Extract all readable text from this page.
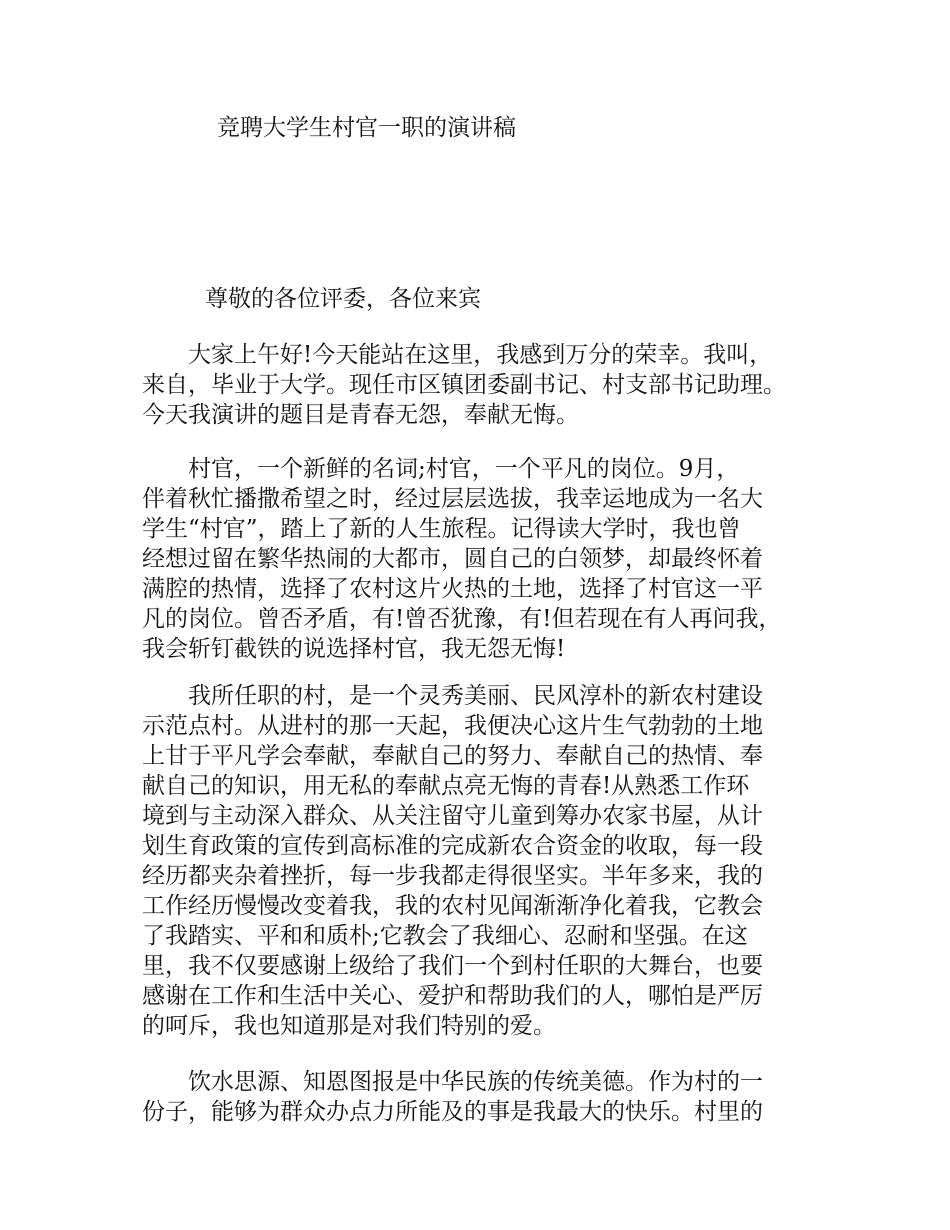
竞聘大学生村官一职的演讲稿
尊敬的各位评委，各位来宾
　　大家上午好!今天能站在这里，我感到万分的荣幸。我叫，
来自，毕业于大学。现任市区镇团委副书记、村支部书记助理。
今天我演讲的题目是青春无怨，奉献无悔。
　　村官，一个新鲜的名词;村官，一个平凡的岗位。9月，
伴着秋忙播撒希望之时，经过层层选拔，我幸运地成为一名大
学生“村官”，踏上了新的人生旅程。记得读大学时，我也曾
经想过留在繁华热闹的大都市，圆自己的白领梦，却最终怀着
满腔的热情，选择了农村这片火热的土地，选择了村官这一平
凡的岗位。曾否矛盾，有!曾否犹豫，有!但若现在有人再问我，
我会斩钉截铁的说选择村官，我无怨无悔!
　　我所任职的村，是一个灵秀美丽、民风淳朴的新农村建设
示范点村。从进村的那一天起，我便决心这片生气勃勃的土地
上甘于平凡学会奉献，奉献自己的努力、奉献自己的热情、奉
献自己的知识，用无私的奉献点亮无悔的青春!从熟悉工作环
境到与主动深入群众、从关注留守儿童到筹办农家书屋，从计
划生育政策的宣传到高标准的完成新农合资金的收取，每一段
经历都夹杂着挫折，每一步我都走得很坚实。半年多来，我的
工作经历慢慢改变着我，我的农村见闻渐渐净化着我，它教会
了我踏实、平和和质朴;它教会了我细心、忍耐和坚强。在这
里，我不仅要感谢上级给了我们一个到村任职的大舞台，也要
感谢在工作和生活中关心、爱护和帮助我们的人，哪怕是严厉
的呵斥，我也知道那是对我们特别的爱。
　　饮水思源、知恩图报是中华民族的传统美德。作为村的一
份子，能够为群众办点力所能及的事是我最大的快乐。村里的
